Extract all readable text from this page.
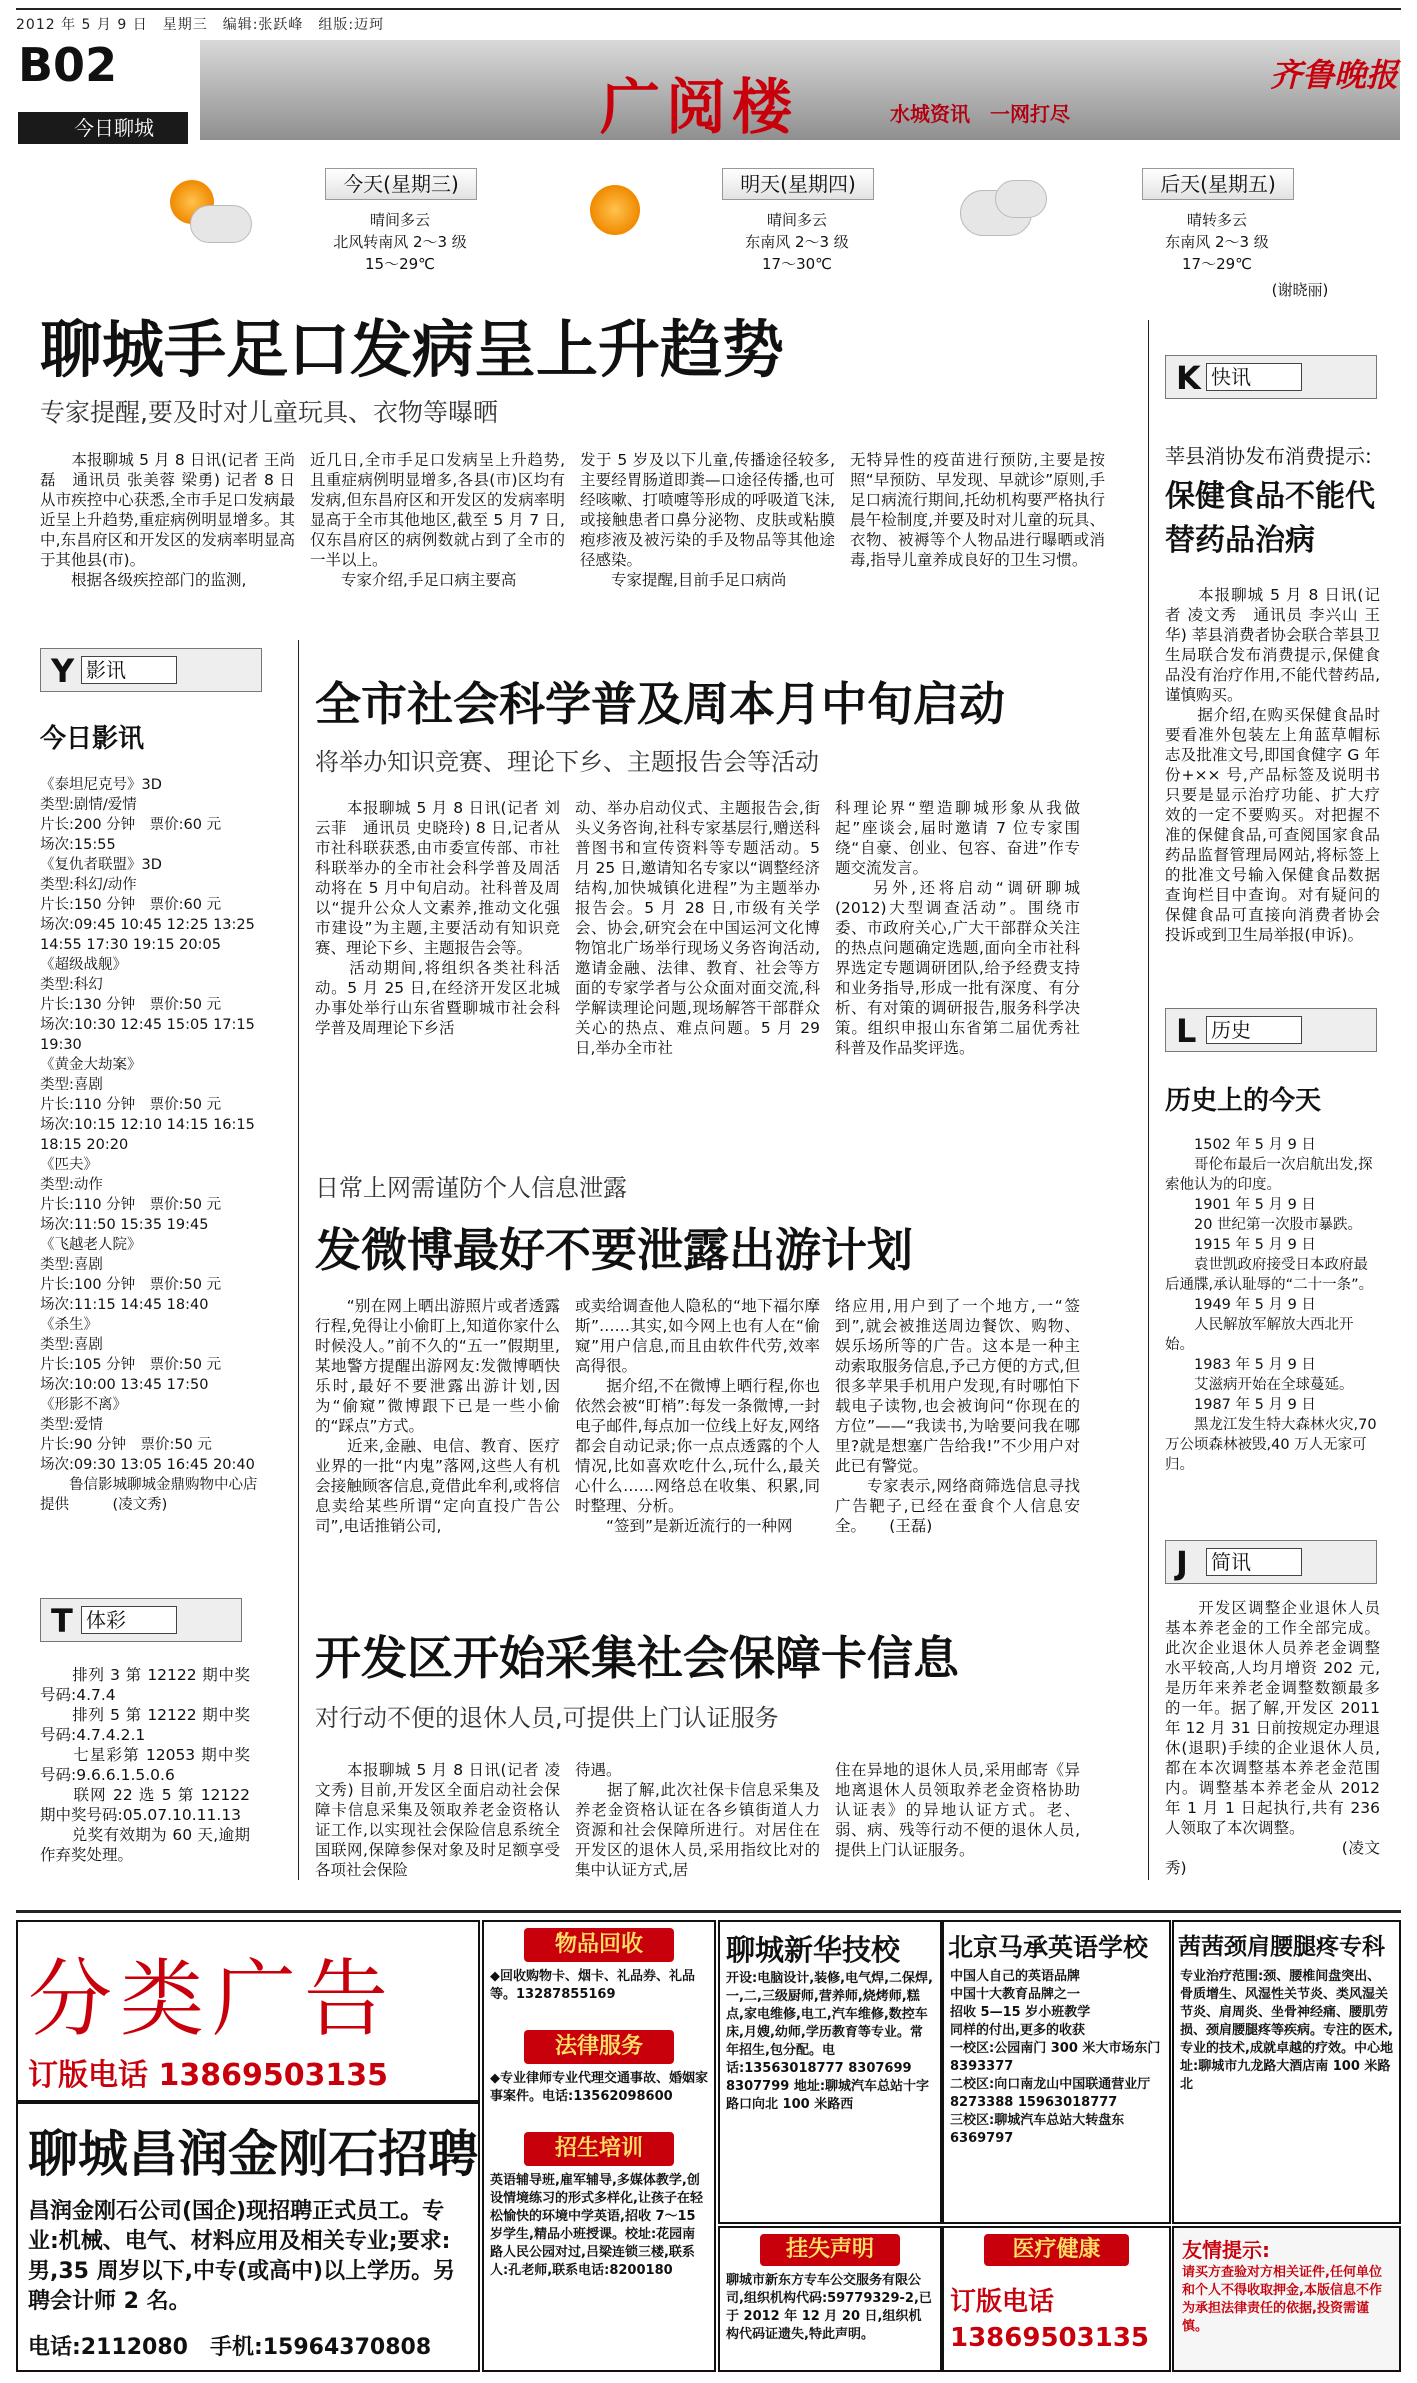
2012 年 5 月 9 日　星期三　编辑:张跃峰　组版:迈珂
B02
今日聊城	广阅楼	水城资讯　一网打尽
齐鲁晚报
今天(星期三)
晴间多云
北风转南风 2～3 级
15～29℃
明天(星期四)
晴间多云
东南风 2～3 级
17～30℃
后天(星期五)
晴转多云
东南风 2～3 级
17～29℃
(谢晓丽)
聊城手足口发病呈上升趋势
专家提醒,要及时对儿童玩具、衣物等曝晒
　　本报聊城 5 月 8 日讯(记者 王尚磊　通讯员 张美蓉 梁勇) 记者 8 日从市疾控中心获悉,全市手足口发病最近呈上升趋势,重症病例明显增多。其中,东昌府区和开发区的发病率明显高于其他县(市)。
　　根据各级疾控部门的监测,
近几日,全市手足口发病呈上升趋势,且重症病例明显增多,各县(市)区均有发病,但东昌府区和开发区的发病率明显高于全市其他地区,截至 5 月 7 日,仅东昌府区的病例数就占到了全市的一半以上。
　　专家介绍,手足口病主要高
发于 5 岁及以下儿童,传播途径较多,主要经胃肠道即粪—口途径传播,也可经咳嗽、打喷嚏等形成的呼吸道飞沫,或接触患者口鼻分泌物、皮肤或粘膜疱疹液及被污染的手及物品等其他途径感染。
　　专家提醒,目前手足口病尚
无特异性的疫苗进行预防,主要是按照“早预防、早发现、早就诊”原则,手足口病流行期间,托幼机构要严格执行晨午检制度,并要及时对儿童的玩具、衣物、被褥等个人物品进行曝晒或消毒,指导儿童养成良好的卫生习惯。
Y 影讯
今日影讯
《泰坦尼克号》3D
类型:剧情/爱情
片长:200 分钟　票价:60 元
场次:15:55
《复仇者联盟》3D
类型:科幻/动作
片长:150 分钟　票价:60 元
场次:09:45 10:45 12:25 13:25 14:55 17:30 19:15 20:05
《超级战舰》
类型:科幻
片长:130 分钟　票价:50 元
场次:10:30 12:45 15:05 17:15 19:30
《黄金大劫案》
类型:喜剧
片长:110 分钟　票价:50 元
场次:10:15 12:10 14:15 16:15 18:15 20:20
《匹夫》
类型:动作
片长:110 分钟　票价:50 元
场次:11:50 15:35 19:45
《飞越老人院》
类型:喜剧
片长:100 分钟　票价:50 元
场次:11:15 14:45 18:40
《杀生》
类型:喜剧
片长:105 分钟　票价:50 元
场次:10:00 13:45 17:50
《形影不离》
类型:爱情
片长:90 分钟　票价:50 元
场次:09:30 13:05 16:45 20:40
　　鲁信影城聊城金鼎购物中心店提供　　　(凌文秀)
T 体彩
　　排列 3 第 12122 期中奖号码:4.7.4
　　排列 5 第 12122 期中奖号码:4.7.4.2.1
　　七星彩第 12053 期中奖号码:9.6.6.1.5.0.6
　　联网 22 选 5 第 12122 期中奖号码:05.07.10.11.13
　　兑奖有效期为 60 天,逾期作弃奖处理。
全市社会科学普及周本月中旬启动
将举办知识竞赛、理论下乡、主题报告会等活动
　　本报聊城 5 月 8 日讯(记者 刘云菲　通讯员 史晓玲) 8 日,记者从市社科联获悉,由市委宣传部、市社科联举办的全市社会科学普及周活动将在 5 月中旬启动。社科普及周以“提升公众人文素养,推动文化强市建设”为主题,主要活动有知识竞赛、理论下乡、主题报告会等。
　　活动期间,将组织各类社科活动。5 月 25 日,在经济开发区北城办事处举行山东省暨聊城市社会科学普及周理论下乡活
动、举办启动仪式、主题报告会,街头义务咨询,社科专家基层行,赠送科普图书和宣传资料等专题活动。5 月 25 日,邀请知名专家以“调整经济结构,加快城镇化进程”为主题举办报告会。5 月 28 日,市级有关学会、协会,研究会在中国运河文化博物馆北广场举行现场义务咨询活动,邀请金融、法律、教育、社会等方面的专家学者与公众面对面交流,科学解读理论问题,现场解答干部群众关心的热点、难点问题。5 月 29 日,举办全市社
科理论界“塑造聊城形象从我做起”座谈会,届时邀请 7 位专家围绕“自豪、创业、包容、奋进”作专题交流发言。
　　另外,还将启动“调研聊城(2012)大型调查活动”。围绕市委、市政府关心,广大干部群众关注的热点问题确定选题,面向全市社科界选定专题调研团队,给予经费支持和业务指导,形成一批有深度、有分析、有对策的调研报告,服务科学决策。组织申报山东省第二届优秀社科普及作品奖评选。
日常上网需谨防个人信息泄露
发微博最好不要泄露出游计划
　　“别在网上晒出游照片或者透露行程,免得让小偷盯上,知道你家什么时候没人。”前不久的“五一”假期里,某地警方提醒出游网友:发微博晒快乐时,最好不要泄露出游计划,因为“偷窥”微博跟下已是一些小偷的“踩点”方式。
　　近来,金融、电信、教育、医疗业界的一批“内鬼”落网,这些人有机会接触顾客信息,竟借此牟利,或将信息卖给某些所谓“定向直投广告公司”,电话推销公司,
或卖给调查他人隐私的“地下福尔摩斯”……其实,如今网上也有人在“偷窥”用户信息,而且由软件代劳,效率高得很。
　　据介绍,不在微博上晒行程,你也依然会被“盯梢”:每发一条微博,一封电子邮件,每点加一位线上好友,网络都会自动记录;你一点点透露的个人情况,比如喜欢吃什么,玩什么,最关心什么……网络总在收集、积累,同时整理、分析。
　　“签到”是新近流行的一种网
络应用,用户到了一个地方,一“签到”,就会被推送周边餐饮、购物、娱乐场所等的广告。这本是一种主动索取服务信息,予己方便的方式,但很多苹果手机用户发现,有时哪怕下载电子读物,也会被询问“你现在的方位”——“我读书,为啥要问我在哪里?就是想塞广告给我!”不少用户对此已有警觉。
　　专家表示,网络商筛选信息寻找广告靶子,已经在蚕食个人信息安全。　　(王磊)
开发区开始采集社会保障卡信息
对行动不便的退休人员,可提供上门认证服务
　　本报聊城 5 月 8 日讯(记者 凌文秀) 目前,开发区全面启动社会保障卡信息采集及领取养老金资格认证工作,以实现社会保险信息系统全国联网,保障参保对象及时足额享受各项社会保险
待遇。
　　据了解,此次社保卡信息采集及养老金资格认证在各乡镇街道人力资源和社会保障所进行。对居住在开发区的退休人员,采用指纹比对的集中认证方式,居
住在异地的退休人员,采用邮寄《异地离退休人员领取养老金资格协助认证表》的异地认证方式。老、弱、病、残等行动不便的退休人员,提供上门认证服务。
K 快讯
莘县消协发布消费提示:
保健食品不能代替药品治病
　　本报聊城 5 月 8 日讯(记者 凌文秀　通讯员 李兴山 王华) 莘县消费者协会联合莘县卫生局联合发布消费提示,保健食品没有治疗作用,不能代替药品,谨慎购买。
　　据介绍,在购买保健食品时要看准外包装左上角蓝草帽标志及批准文号,即国食健字 G 年份+×× 号,产品标签及说明书只要是显示治疗功能、扩大疗效的一定不要购买。对把握不准的保健食品,可查阅国家食品药品监督管理局网站,将标签上的批准文号输入保健食品数据查询栏目中查询。对有疑问的保健食品可直接向消费者协会投诉或到卫生局举报(申诉)。
L 历史
历史上的今天
　　1502 年 5 月 9 日
　　哥伦布最后一次启航出发,探索他认为的印度。
　　1901 年 5 月 9 日
　　20 世纪第一次股市暴跌。
　　1915 年 5 月 9 日
　　袁世凯政府接受日本政府最后通牒,承认耻辱的“二十一条”。
　　1949 年 5 月 9 日
　　人民解放军解放大西北开始。
　　1983 年 5 月 9 日
　　艾滋病开始在全球蔓延。
　　1987 年 5 月 9 日
　　黑龙江发生特大森林火灾,70 万公顷森林被毁,40 万人无家可归。
J 简讯
　　开发区调整企业退休人员基本养老金的工作全部完成。此次企业退休人员养老金调整水平较高,人均月增资 202 元,是历年来养老金调整数额最多的一年。据了解,开发区 2011 年 12 月 31 日前按规定办理退休(退职)手续的企业退休人员,都在本次调整基本养老金范围内。调整基本养老金从 2012 年 1 月 1 日起执行,共有 236 人领取了本次调整。
　　　　　　　　　　　(凌文秀)
分类广告
订版电话 13869503135
聊城昌润金刚石招聘
昌润金刚石公司(国企)现招聘正式员工。专业:机械、电气、材料应用及相关专业;要求:男,35 周岁以下,中专(或高中)以上学历。另聘会计师 2 名。
电话:2112080　手机:15964370808
物品回收
◆回收购物卡、烟卡、礼品券、礼品等。13287855169
法律服务
◆专业律师专业代理交通事故、婚姻家事案件。电话:13562098600
招生培训
英语辅导班,雇军辅导,多媒体教学,创设情境练习的形式多样化,让孩子在轻松愉快的环境中学英语,招收 7～15 岁学生,精品小班授课。校址:花园南路人民公园对过,吕梁连锁三楼,联系人:孔老师,联系电话:8200180
聊城新华技校
开设:电脑设计,装修,电气焊,二保焊,一,二,三级厨师,营养师,烧烤师,糕点,家电维修,电工,汽车维修,数控车床,月嫂,幼师,学历教育等专业。常年招生,包分配。电话:13563018777 8307699 8307799 地址:聊城汽车总站十字路口向北 100 米路西
北京马承英语学校
中国人自己的英语品牌
中国十大教育品牌之一
招收 5—15 岁小班教学
同样的付出,更多的收获
一校区:公园南门 300 米大市场东门 8393377
二校区:向口南龙山中国联通营业厅 8273388 15963018777
三校区:聊城汽车总站大转盘东 6369797
挂失声明
聊城市新东方专车公交服务有限公司,组织机构代码:59779329-2,已于 2012 年 12 月 20 日,组织机构代码证遗失,特此声明。
医疗健康
订版电话 13869503135
茜茜颈肩腰腿疼专科
专业治疗范围:颈、腰椎间盘突出、骨质增生、风湿性关节炎、类风湿关节炎、肩周炎、坐骨神经痛、腰肌劳损、颈肩腰腿疼等疾病。专注的医术,专业的技术,成就卓越的疗效。中心地址:聊城市九龙路大酒店南 100 米路北
友情提示:
请买方查验对方相关证件,任何单位和个人不得收取押金,本版信息不作为承担法律责任的依据,投资需谨慎。
